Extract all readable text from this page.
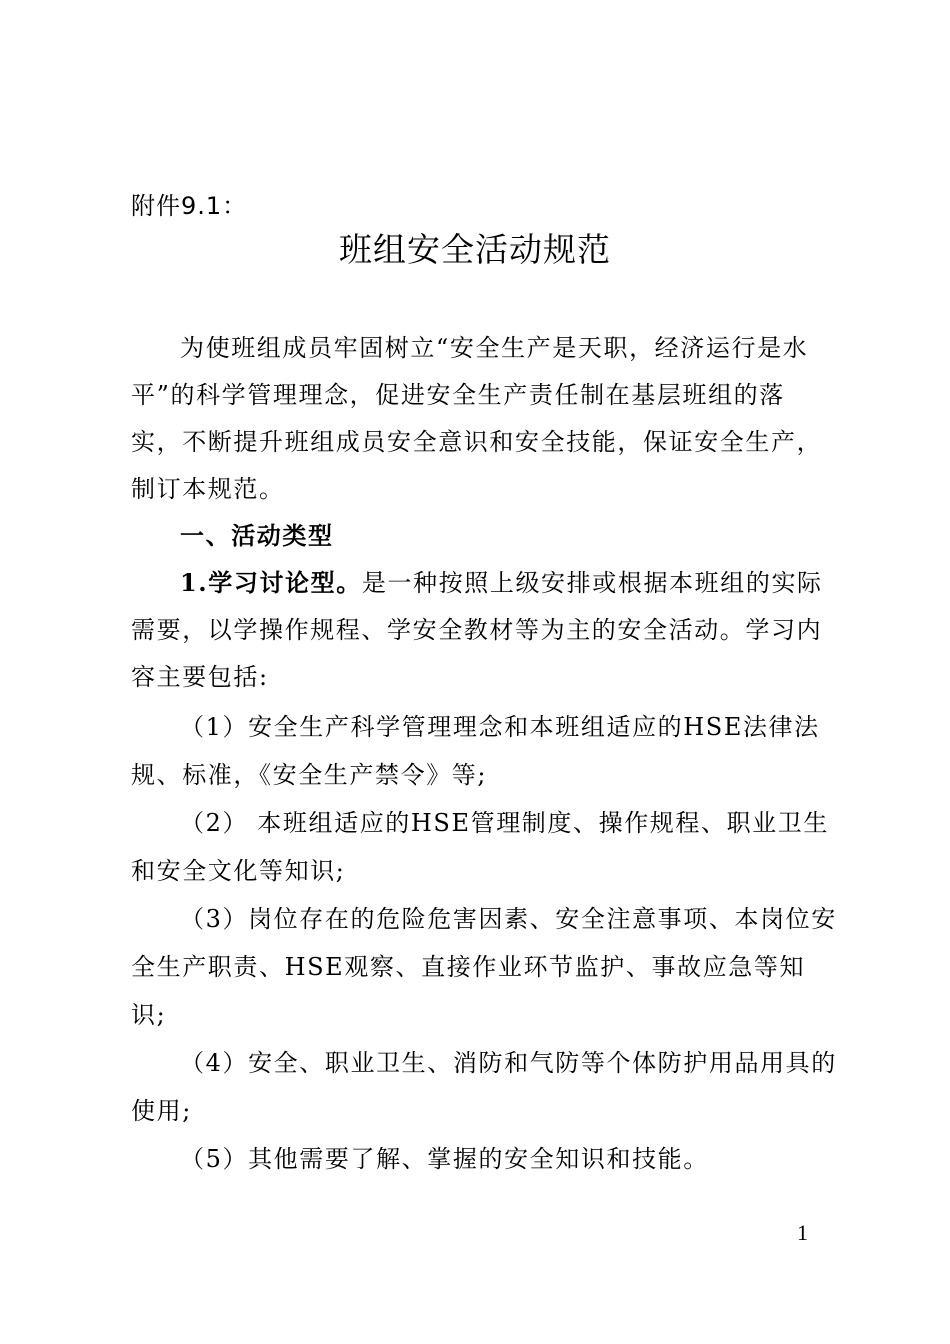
附件9.1：
班组安全活动规范
为使班组成员牢固树立“安全生产是天职，经济运行是水
平”的科学管理理念，促进安全生产责任制在基层班组的落
实，不断提升班组成员安全意识和安全技能，保证安全生产，
制订本规范。
一、活动类型
1.学习讨论型。是一种按照上级安排或根据本班组的实际
需要，以学操作规程、学安全教材等为主的安全活动。学习内
容主要包括:
（1）安全生产科学管理理念和本班组适应的HSE法律法
规、标准，《安全生产禁令》等;
（2） 本班组适应的HSE管理制度、操作规程、职业卫生
和安全文化等知识;
（3）岗位存在的危险危害因素、安全注意事项、本岗位安
全生产职责、HSE观察、直接作业环节监护、事故应急等知
识;
（4）安全、职业卫生、消防和气防等个体防护用品用具的
使用;
（5）其他需要了解、掌握的安全知识和技能。
1
